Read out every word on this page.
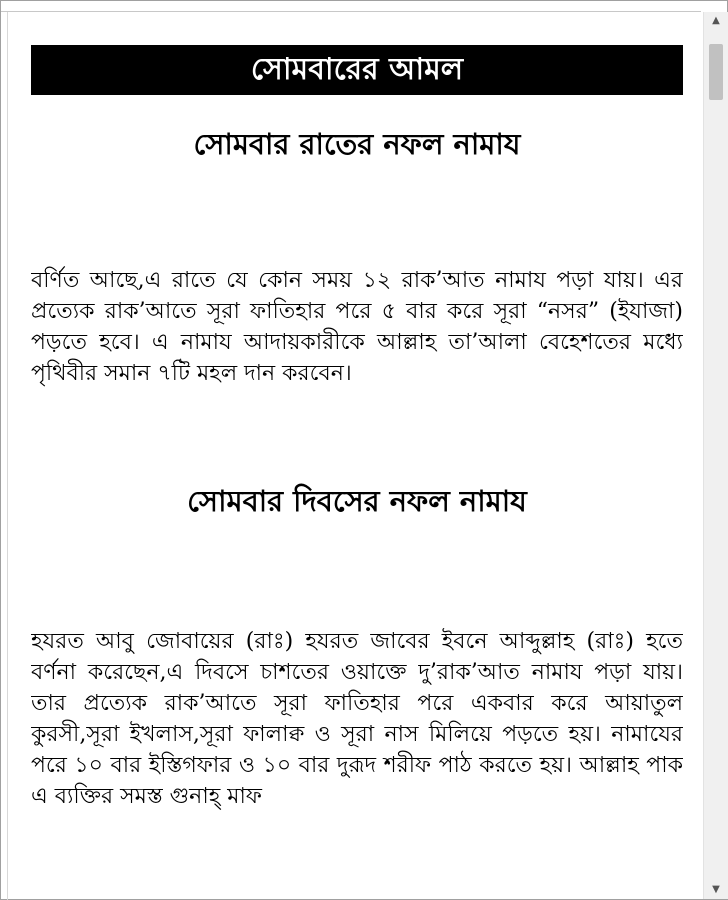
সোমবারের আমল
সোমবার রাতের নফল নামায

বর্ণিত আছে,এ রাতে যে কোন সময় ১২ রাক’আত নামায পড়া যায়। এর প্রত্যেক রাক’আতে সূরা ফাতিহার পরে ৫ বার করে সূরা “নসর” (ইযাজা) পড়তে হবে। এ নামায আদায়কারীকে আল্লাহ তা’আলা বেহেশতের মধ্যে পৃথিবীর সমান ৭টি মহল দান করবেন।

সোমবার দিবসের নফল নামায

হযরত আবু জোবায়ের (রাঃ) হযরত জাবের ইবনে আব্দুল্লাহ (রাঃ) হতে বর্ণনা করেছেন,এ দিবসে চাশতের ওয়াক্তে দু’রাক’আত নামায পড়া যায়। তার প্রত্যেক রাক’আতে সূরা ফাতিহার পরে একবার করে আয়াতুল কুরসী,সূরা ইখলাস,সূরা ফালাক্ব ও সূরা নাস মিলিয়ে পড়তে হয়। নামাযের পরে ১০ বার ইস্তিগফার ও ১০ বার দুরূদ শরীফ পাঠ করতে হয়। আল্লাহ পাক এ ব্যক্তির সমস্ত গুনাহ্ মাফ

▲
▼
